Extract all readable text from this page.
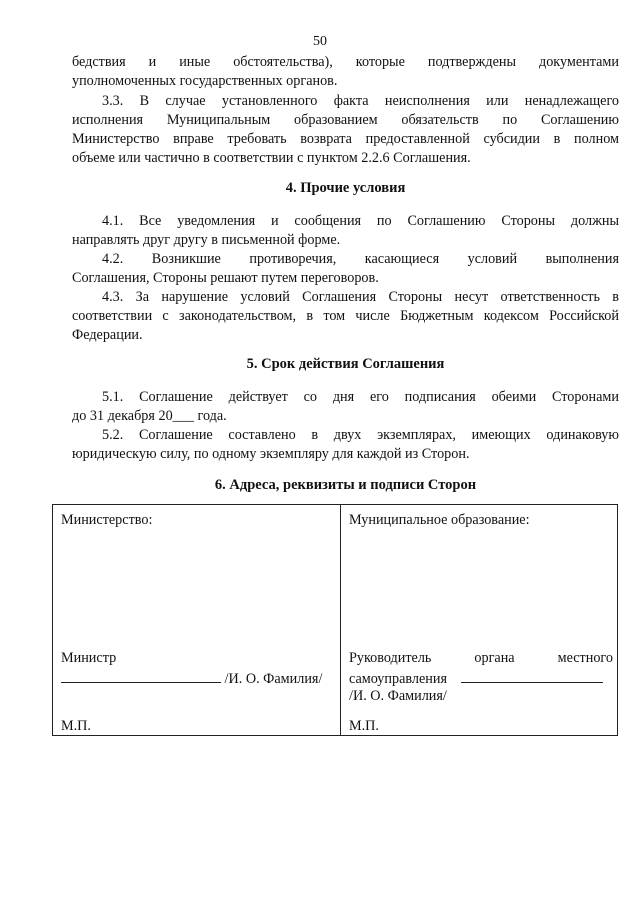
50
бедствия и иные обстоятельства), которые подтверждены документами
уполномоченных государственных органов.
3.3. В случае установленного факта неисполнения или ненадлежащего
исполнения Муниципальным образованием обязательств по Соглашению
Министерство вправе требовать возврата предоставленной субсидии в полном
объеме или частично в соответствии с пунктом 2.2.6 Соглашения.
4. Прочие условия
4.1. Все уведомления и сообщения по Соглашению Стороны должны
направлять друг другу в письменной форме.
4.2. Возникшие противоречия, касающиеся условий выполнения
Соглашения, Стороны решают путем переговоров.
4.3. За нарушение условий Соглашения Стороны несут ответственность в
соответствии с законодательством, в том числе Бюджетным кодексом Российской
Федерации.
5. Срок действия Соглашения
5.1. Соглашение действует со дня его подписания обеими Сторонами
до 31 декабря 20___ года.
5.2. Соглашение составлено в двух экземплярах, имеющих одинаковую
юридическую силу, по одному экземпляру для каждой из Сторон.
6. Адреса, реквизиты и подписи Сторон
Министерство:
Министр
/И. О. Фамилия/
М.П.
Муниципальное образование:
Руководитель органа местного
самоуправления
/И. О. Фамилия/
М.П.
